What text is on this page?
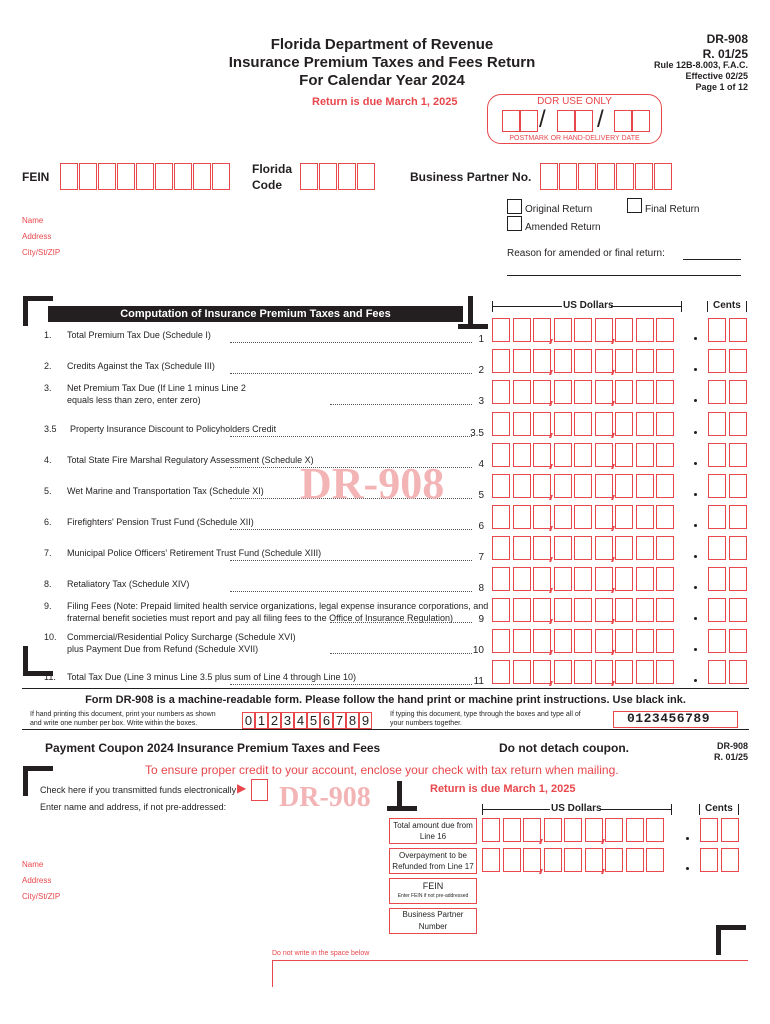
Florida Department of Revenue
Insurance Premium Taxes and Fees Return
For Calendar Year 2024
Return is due March 1, 2025
DR-908
R. 01/25
Rule 12B-8.003, F.A.C.
Effective 02/25
Page 1 of 12
DOR USE ONLY
/ /
POSTMARK OR HAND-DELIVERY DATE
FEIN
Florida
Code
Business Partner No.
Name
Address
City/St/ZIP
Original Return	Final Return
Amended Return
Reason for amended or final return:
Computation of Insurance Premium Taxes and Fees
US Dollars	Cents
1. Total Premium Tax Due (Schedule I)	1
2. Credits Against the Tax (Schedule III)	2
3. Net Premium Tax Due (If Line 1 minus Line 2
equals less than zero, enter zero)	3
3.5 Property Insurance Discount to Policyholders Credit	3.5
4. Total State Fire Marshal Regulatory Assessment (Schedule X)	4
5. Wet Marine and Transportation Tax (Schedule XI)	5
6. Firefighters' Pension Trust Fund (Schedule XII)	6
7. Municipal Police Officers' Retirement Trust Fund (Schedule XIII)	7
8. Retaliatory Tax (Schedule XIV)	8
9. Filing Fees (Note: Prepaid limited health service organizations, legal expense insurance corporations, and
fraternal benefit societies must report and pay all filing fees to the Office of Insurance Regulation)	9
10. Commercial/Residential Policy Surcharge (Schedule XVI)
plus Payment Due from Refund (Schedule XVII)	10
11. Total Tax Due (Line 3 minus Line 3.5 plus sum of Line 4 through Line 10)	11
DR-908
Form DR-908 is a machine-readable form. Please follow the hand print or machine print instructions. Use black ink.
If hand printing this document, print your numbers as shown
and write one number per box. Write within the boxes.	0 1 2 3 4 5 6 7 8 9	If typing this document, type through the boxes and type all of
your numbers together.	0123456789
Payment Coupon 2024 Insurance Premium Taxes and Fees	Do not detach coupon.	DR-908
R. 01/25
To ensure proper credit to your account, enclose your check with tax return when mailing.
Check here if you transmitted funds electronically ▶ DR-908	Return is due March 1, 2025
Enter name and address, if not pre-addressed:	US Dollars	Cents
Total amount due from
Line 16
Overpayment to be
Refunded from Line 17
FEIN
Enter FEIN if not pre-addressed
Business Partner
Number
Name
Address
City/St/ZIP
Do not write in the space below
